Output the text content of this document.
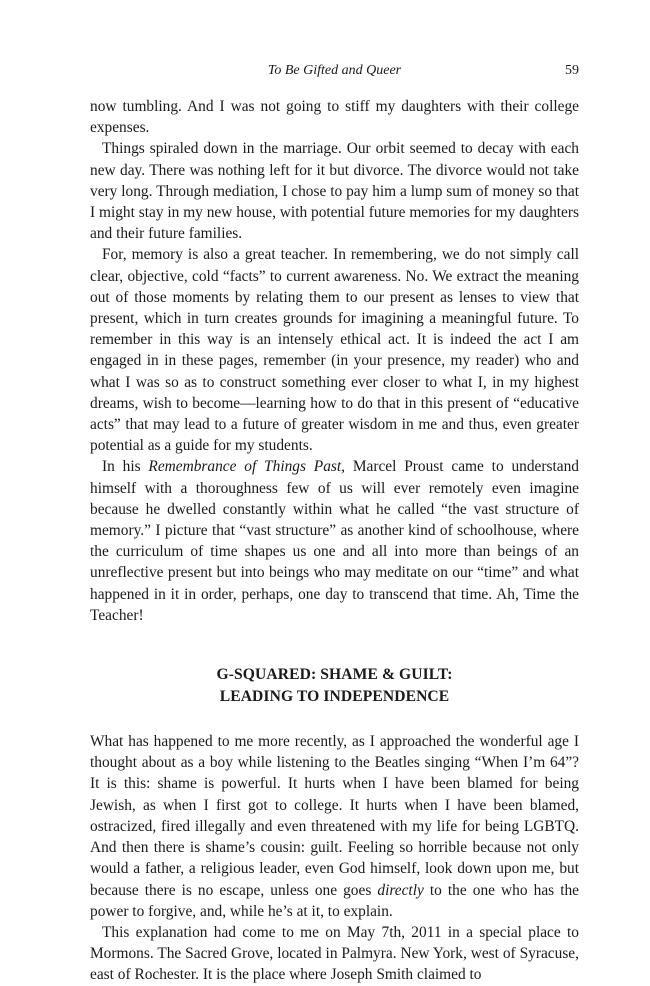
To Be Gifted and Queer	59

now tumbling. And I was not going to stiff my daughters with their college expenses.

Things spiraled down in the marriage. Our orbit seemed to decay with each new day. There was nothing left for it but divorce. The divorce would not take very long. Through mediation, I chose to pay him a lump sum of money so that I might stay in my new house, with potential future memories for my daughters and their future families.

For, memory is also a great teacher. In remembering, we do not simply call clear, objective, cold “facts” to current awareness. No. We extract the meaning out of those moments by relating them to our present as lenses to view that present, which in turn creates grounds for imagining a meaningful future. To remember in this way is an intensely ethical act. It is indeed the act I am engaged in in these pages, remember (in your presence, my reader) who and what I was so as to construct something ever closer to what I, in my highest dreams, wish to become—learning how to do that in this present of “educative acts” that may lead to a future of greater wisdom in me and thus, even greater potential as a guide for my students.

In his Remembrance of Things Past, Marcel Proust came to understand himself with a thoroughness few of us will ever remotely even imagine because he dwelled constantly within what he called “the vast structure of memory.” I picture that “vast structure” as another kind of schoolhouse, where the curriculum of time shapes us one and all into more than beings of an unreflective present but into beings who may meditate on our “time” and what happened in it in order, perhaps, one day to transcend that time. Ah, Time the Teacher!

G-SQUARED: SHAME & GUILT:
LEADING TO INDEPENDENCE

What has happened to me more recently, as I approached the wonderful age I thought about as a boy while listening to the Beatles singing “When I’m 64”? It is this: shame is powerful. It hurts when I have been blamed for being Jewish, as when I first got to college. It hurts when I have been blamed, ostracized, fired illegally and even threatened with my life for being LGBTQ. And then there is shame’s cousin: guilt. Feeling so horrible because not only would a father, a religious leader, even God himself, look down upon me, but because there is no escape, unless one goes directly to the one who has the power to forgive, and, while he’s at it, to explain.

This explanation had come to me on May 7th, 2011 in a special place to Mormons. The Sacred Grove, located in Palmyra. New York, west of Syracuse, east of Rochester. It is the place where Joseph Smith claimed to
